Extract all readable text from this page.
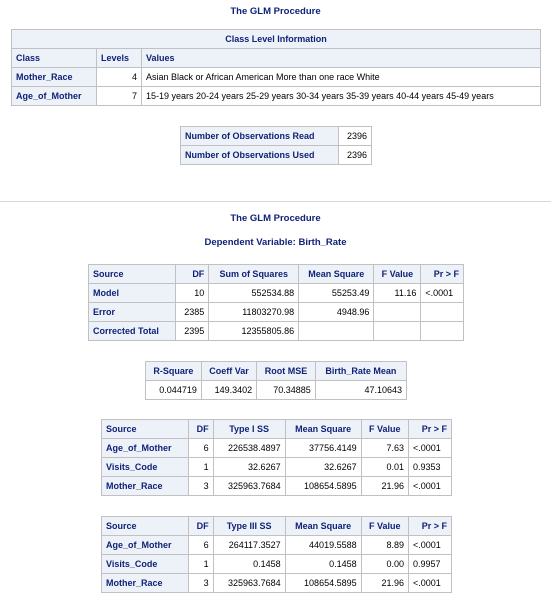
The GLM Procedure
Class Level Information		
Class	Levels	Values
Mother_Race	4	Asian Black or African American More than one race White
Age_of_Mother	7	15-19 years 20-24 years 25-29 years 30-34 years 35-39 years 40-44 years 45-49 years
Number of Observations Read	2396
Number of Observations Used	2396
The GLM Procedure
Dependent Variable: Birth_Rate
Source	DF	Sum of Squares	Mean Square	F Value	Pr > F
Model	10	552534.88	55253.49	11.16	<.0001
Error	2385	11803270.98	4948.96		
Corrected Total	2395	12355805.86			
R-Square	Coeff Var	Root MSE	Birth_Rate Mean
0.044719	149.3402	70.34885	47.10643
Source	DF	Type I SS	Mean Square	F Value	Pr > F
Age_of_Mother	6	226538.4897	37756.4149	7.63	<.0001
Visits_Code	1	32.6267	32.6267	0.01	0.9353
Mother_Race	3	325963.7684	108654.5895	21.96	<.0001
Source	DF	Type III SS	Mean Square	F Value	Pr > F
Age_of_Mother	6	264117.3527	44019.5588	8.89	<.0001
Visits_Code	1	0.1458	0.1458	0.00	0.9957
Mother_Race	3	325963.7684	108654.5895	21.96	<.0001
